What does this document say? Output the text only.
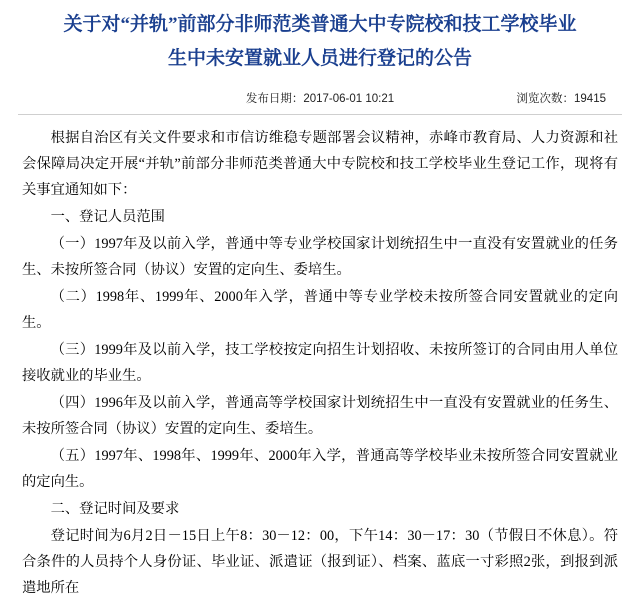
关于对“并轨”前部分非师范类普通大中专院校和技工学校毕业
生中未安置就业人员进行登记的公告
发布日期：2017-06-01 10:21	浏览次数：19415

根据自治区有关文件要求和市信访维稳专题部署会议精神，赤峰市教育局、人力资源和社会保障局决定开展“并轨”前部分非师范类普通大中专院校和技工学校毕业生登记工作，现将有关事宜通知如下：

一、登记人员范围

（一）1997年及以前入学，普通中等专业学校国家计划统招生中一直没有安置就业的任务生、未按所签合同（协议）安置的定向生、委培生。

（二）1998年、1999年、2000年入学，普通中等专业学校未按所签合同安置就业的定向生。

（三）1999年及以前入学，技工学校按定向招生计划招收、未按所签订的合同由用人单位接收就业的毕业生。

（四）1996年及以前入学，普通高等学校国家计划统招生中一直没有安置就业的任务生、未按所签合同（协议）安置的定向生、委培生。

（五）1997年、1998年、1999年、2000年入学，普通高等学校毕业未按所签合同安置就业的定向生。

二、登记时间及要求

登记时间为6月2日－15日上午8：30－12：00，下午14：30－17：30（节假日不休息）。符合条件的人员持个人身份证、毕业证、派遣证（报到证）、档案、蓝底一寸彩照2张，到报到派遣地所在
